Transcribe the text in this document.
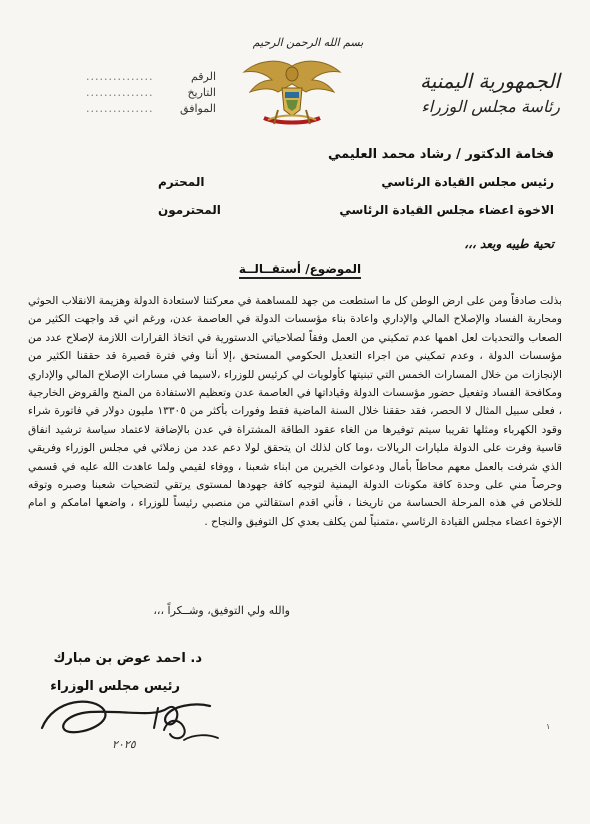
بسم الله الرحمن الرحيم
الرقم
...............
التاريخ
...............
الموافق
...............
الجمهورية اليمنية
رئاسة مجلس الوزراء
فخامة الدكتور / رشاد محمد العليمي
رئيس مجلس القيادة الرئاسي
المحترم
الاخوة اعضاء مجلس القيادة الرئاسي
المحترمون
تحية طيبه وبعد ،،،
الموضوع/ أستقــالــة
بذلت صادقاً ومن على ارض الوطن كل ما استطعت من جهد للمساهمة في معركتنا لاستعادة الدولة وهزيمة الانقلاب الحوثي ومحاربة الفساد والإصلاح المالي والإداري واعادة بناء مؤسسات الدولة في العاصمة عدن، ورغم اني قد واجهت الكثير من الصعاب والتحديات لعل اهمها عدم تمكيني من العمل وفقاً لصلاحياتي الدستورية في اتخاذ القرارات اللازمة لإصلاح عدد من مؤسسات الدولة ، وعدم تمكيني من اجراء التعديل الحكومي المستحق ،إلا أننا وفي فترة قصيرة قد حققنا الكثير من الإنجازات من خلال المسارات الخمس التي تبنيتها كأولويات لي كرئيس للوزراء ،لاسيما في مسارات الإصلاح المالي والإداري ومكافحة الفساد وتفعيل حضور مؤسسات الدولة وقياداتها في العاصمة عدن وتعظيم الاستفادة من المنح والقروض الخارجية ، فعلى سبيل المثال لا الحصر، فقد حققنا خلال السنة الماضية فقط وفورات بأكثر من ١٣٣٠٥ مليون دولار في فاتورة شراء وقود الكهرباء ومثلها تقريبا سيتم توفيرها من الغاء عقود الطاقة المشتراة في عدن بالإضافة لاعتماد سياسة ترشيد انفاق قاسية وفرت على الدولة مليارات الريالات ،وما كان لذلك ان يتحقق لولا دعم عدد من زملائي في مجلس الوزراء وفريقي الذي شرفت بالعمل معهم محاطاً بأمال ودعوات الخيرين من ابناء شعبنا ، ووفاء لقيمي ولما عاهدت الله عليه في قسمي وحرصاً مني على وحدة كافة مكونات الدولة اليمنية لتوجيه كافة جهودها لمستوى يرتقي لتضحيات شعبنا وصبره وتوقه للخلاص في هذه المرحلة الحساسة من تاريخنا ، فأني اقدم استقالتي من منصبي رئيساً للوزراء ، واضعها امامكم و امام الإخوة اعضاء مجلس القيادة الرئاسي ،متمنياً لمن يكلف بعدي كل التوفيق والنجاح .
والله ولي التوفيق، وشــكراً ،،،
د. احمد عوض بن مبارك
رئيس مجلس الوزراء
٢٠٢٥
١
